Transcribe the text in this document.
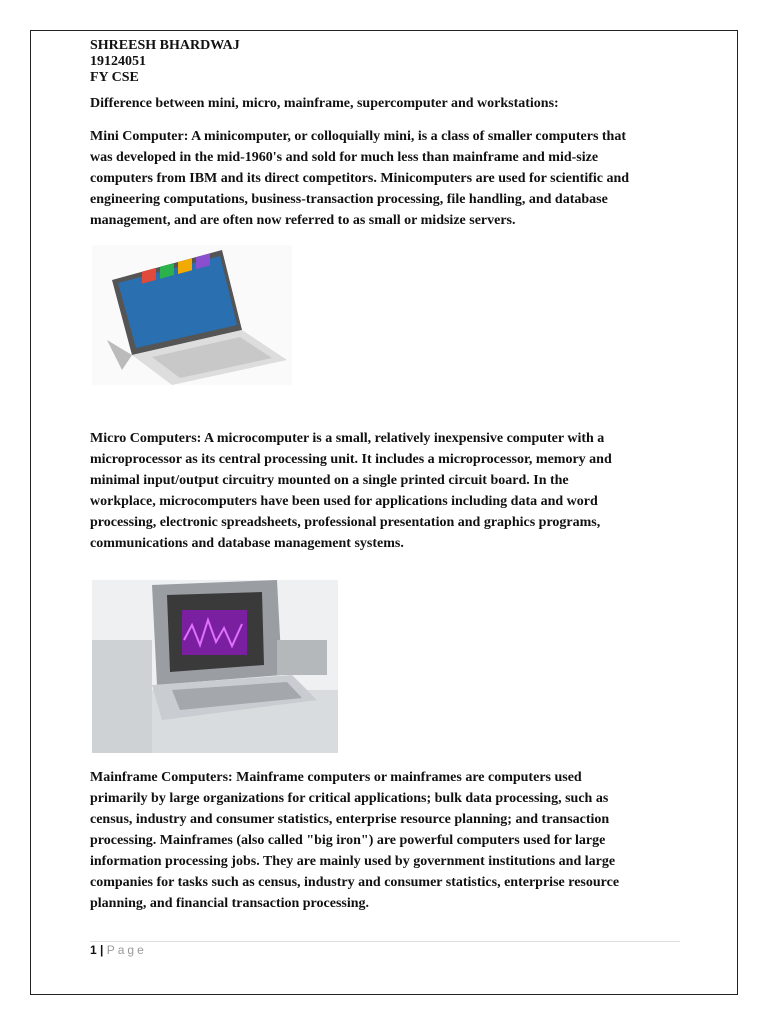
SHREESH BHARDWAJ
19124051
FY CSE
Difference between mini, micro, mainframe, supercomputer and workstations:
Mini Computer: A minicomputer, or colloquially mini, is a class of smaller computers that
was developed in the mid-1960's and sold for much less than mainframe and mid-size
computers from IBM and its direct competitors. Minicomputers are used for scientific and
engineering computations, business-transaction processing, file handling, and database
management, and are often now referred to as small or midsize servers.
Micro Computers: A microcomputer is a small, relatively inexpensive computer with a
microprocessor as its central processing unit. It includes a microprocessor, memory and
minimal input/output circuitry mounted on a single printed circuit board. In the
workplace, microcomputers have been used for applications including data and word
processing, electronic spreadsheets, professional presentation and graphics programs,
communications and database management systems.
Mainframe Computers: Mainframe computers or mainframes are computers used
primarily by large organizations for critical applications; bulk data processing, such as
census, industry and consumer statistics, enterprise resource planning; and transaction
processing. Mainframes (also called "big iron") are powerful computers used for large
information processing jobs. They are mainly used by government institutions and large
companies for tasks such as census, industry and consumer statistics, enterprise resource
planning, and financial transaction processing.
1 | Page
